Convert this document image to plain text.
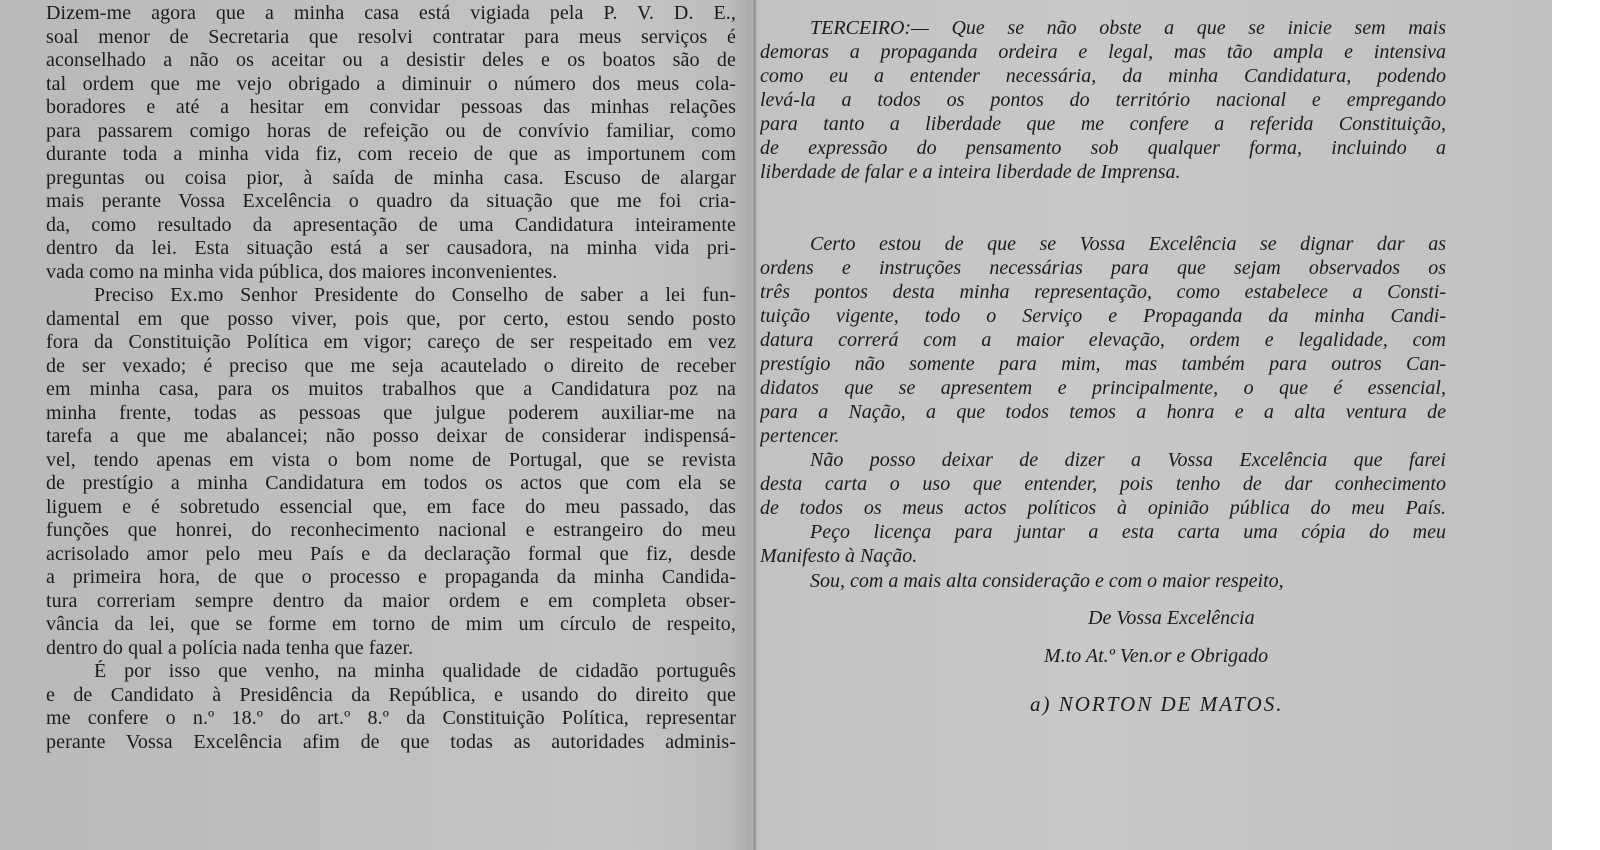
Dizem-me agora que a minha casa está vigiada pela P. V. D. E.,
soal menor de Secretaria que resolvi contratar para meus serviços é
aconselhado a não os aceitar ou a desistir deles e os boatos são de
tal ordem que me vejo obrigado a diminuir o número dos meus cola-
boradores e até a hesitar em convidar pessoas das minhas relações
para passarem comigo horas de refeição ou de convívio familiar, como
durante toda a minha vida fiz, com receio de que as importunem com
preguntas ou coisa pior, à saída de minha casa. Escuso de alargar
mais perante Vossa Excelência o quadro da situação que me foi cria-
da, como resultado da apresentação de uma Candidatura inteiramente
dentro da lei. Esta situação está a ser causadora, na minha vida pri-
vada como na minha vida pública, dos maiores inconvenientes.
Preciso Ex.mo Senhor Presidente do Conselho de saber a lei fun-
damental em que posso viver, pois que, por certo, estou sendo posto
fora da Constituição Política em vigor; careço de ser respeitado em vez
de ser vexado; é preciso que me seja acautelado o direito de receber
em minha casa, para os muitos trabalhos que a Candidatura poz na
minha frente, todas as pessoas que julgue poderem auxiliar-me na
tarefa a que me abalancei; não posso deixar de considerar indispensá-
vel, tendo apenas em vista o bom nome de Portugal, que se revista
de prestígio a minha Candidatura em todos os actos que com ela se
liguem e é sobretudo essencial que, em face do meu passado, das
funções que honrei, do reconhecimento nacional e estrangeiro do meu
acrisolado amor pelo meu País e da declaração formal que fiz, desde
a primeira hora, de que o processo e propaganda da minha Candida-
tura correriam sempre dentro da maior ordem e em completa obser-
vância da lei, que se forme em torno de mim um círculo de respeito,
dentro do qual a polícia nada tenha que fazer.
É por isso que venho, na minha qualidade de cidadão português
e de Candidato à Presidência da República, e usando do direito que
me confere o n.º 18.º do art.º 8.º da Constituição Política, representar
perante Vossa Excelência afim de que todas as autoridades adminis-
TERCEIRO:— Que se não obste a que se inicie sem mais
demoras a propaganda ordeira e legal, mas tão ampla e intensiva
como eu a entender necessária, da minha Candidatura, podendo
levá-la a todos os pontos do território nacional e empregando
para tanto a liberdade que me confere a referida Constituição,
de expressão do pensamento sob qualquer forma, incluindo a
liberdade de falar e a inteira liberdade de Imprensa.
Certo estou de que se Vossa Excelência se dignar dar as
ordens e instruções necessárias para que sejam observados os
três pontos desta minha representação, como estabelece a Consti-
tuição vigente, todo o Serviço e Propaganda da minha Candi-
datura correrá com a maior elevação, ordem e legalidade, com
prestígio não somente para mim, mas também para outros Can-
didatos que se apresentem e principalmente, o que é essencial,
para a Nação, a que todos temos a honra e a alta ventura de
pertencer.
Não posso deixar de dizer a Vossa Excelência que farei
desta carta o uso que entender, pois tenho de dar conhecimento
de todos os meus actos políticos à opinião pública do meu País.
Peço licença para juntar a esta carta uma cópia do meu
Manifesto à Nação.
Sou, com a mais alta consideração e com o maior respeito,
De Vossa Excelência
M.to At.º Ven.or e Obrigado
a) NORTON DE MATOS.
